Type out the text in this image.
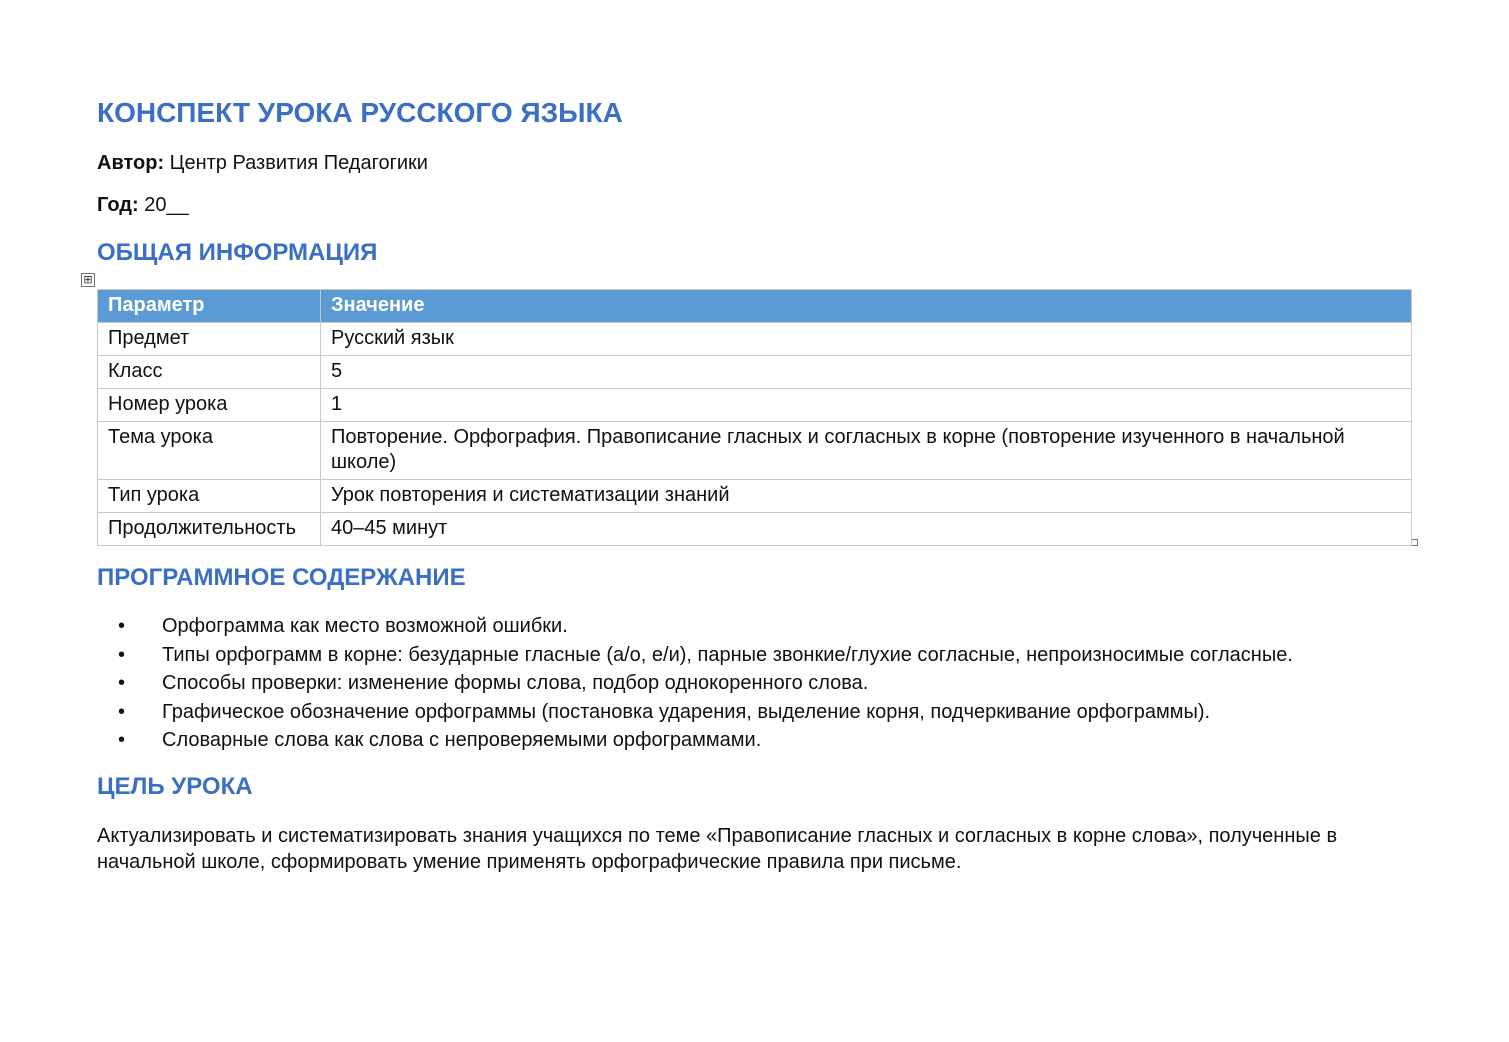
⊞
КОНСПЕКТ УРОКА РУССКОГО ЯЗЫКА
Автор: Центр Развития Педагогики
Год: 20__
ОБЩАЯ ИНФОРМАЦИЯ
Параметр	Значение
Предмет	Русский язык
Класс	5
Номер урока	1
Тема урока	Повторение. Орфография. Правописание гласных и согласных в корне (повторение изученного в начальной школе)
Тип урока	Урок повторения и систематизации знаний
Продолжительность	40–45 минут
ПРОГРАММНОЕ СОДЕРЖАНИЕ
• Орфограмма как место возможной ошибки.
• Типы орфограмм в корне: безударные гласные (а/о, е/и), парные звонкие/глухие согласные, непроизносимые согласные.
• Способы проверки: изменение формы слова, подбор однокоренного слова.
• Графическое обозначение орфограммы (постановка ударения, выделение корня, подчеркивание орфограммы).
• Словарные слова как слова с непроверяемыми орфограммами.
ЦЕЛЬ УРОКА

Актуализировать и систематизировать знания учащихся по теме «Правописание гласных и согласных в корне слова», полученные в начальной школе, сформировать умение применять орфографические правила при письме.
